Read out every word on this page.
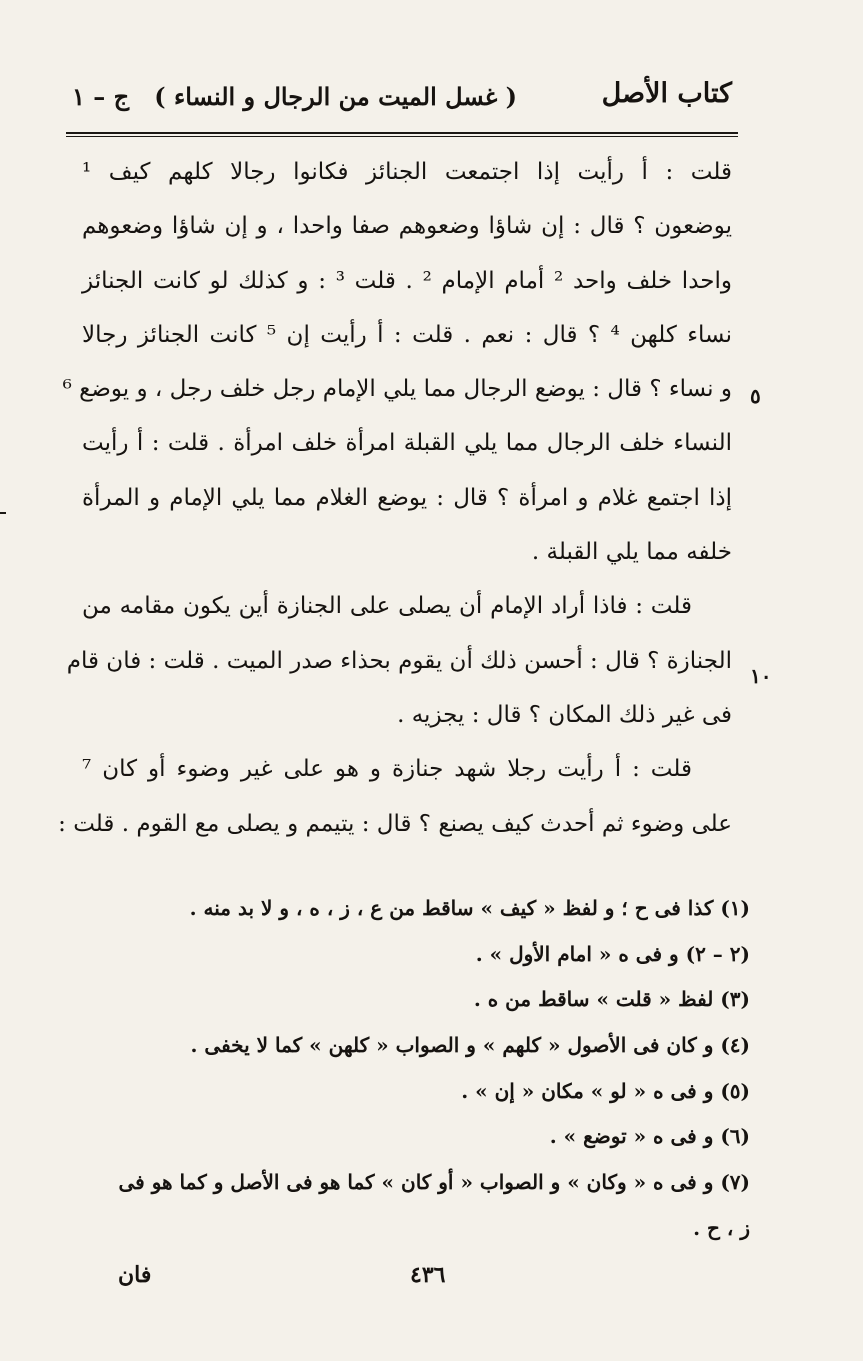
كتاب الأصل
( غسل الميت من الرجال و النساء )
ج – ١
قلت : أ رأيت إذا اجتمعت الجنائز فكانوا رجالا كلهم كيف ¹
يوضعون ؟ قال : إن شاؤا وضعوهم صفا واحدا ، و إن شاؤا وضعوهم
واحدا خلف واحد ² أمام الإمام ² . قلت ³ : و كذلك لو كانت الجنائز
نساء كلهن ⁴ ؟ قال : نعم . قلت : أ رأيت إن ⁵ كانت الجنائز رجالا
و نساء ؟ قال : يوضع الرجال مما يلي الإمام رجل خلف رجل ، و يوضع ⁶
النساء خلف الرجال مما يلي القبلة امرأة خلف امرأة . قلت : أ رأيت
إذا اجتمع غلام و امرأة ؟ قال : يوضع الغلام مما يلي الإمام و المرأة
خلفه مما يلي القبلة .
قلت : فاذا أراد الإمام أن يصلى على الجنازة أين يكون مقامه من
الجنازة ؟ قال : أحسن ذلك أن يقوم بحذاء صدر الميت . قلت : فان قام
فى غير ذلك المكان ؟ قال : يجزيه .
قلت : أ رأيت رجلا شهد جنازة و هو على غير وضوء أو كان ⁷
على وضوء ثم أحدث كيف يصنع ؟ قال : يتيمم و يصلى مع القوم . قلت :
٥
١٠
(١) كذا فى ح ؛ و لفظ « كيف » ساقط من ع ، ز ، ه ، و لا بد منه .
(٢ – ٢) و فى ه « امام الأول » .
(٣) لفظ « قلت » ساقط من ه .
(٤) و كان فى الأصول « كلهم » و الصواب « كلهن » كما لا يخفى .
(٥) و فى ه « لو » مكان « إن » .
(٦) و فى ه « توضع » .
(٧) و فى ه « وكان » و الصواب « أو كان » كما هو فى الأصل و كما هو فى
ز ، ح .
٤٣٦
فان
